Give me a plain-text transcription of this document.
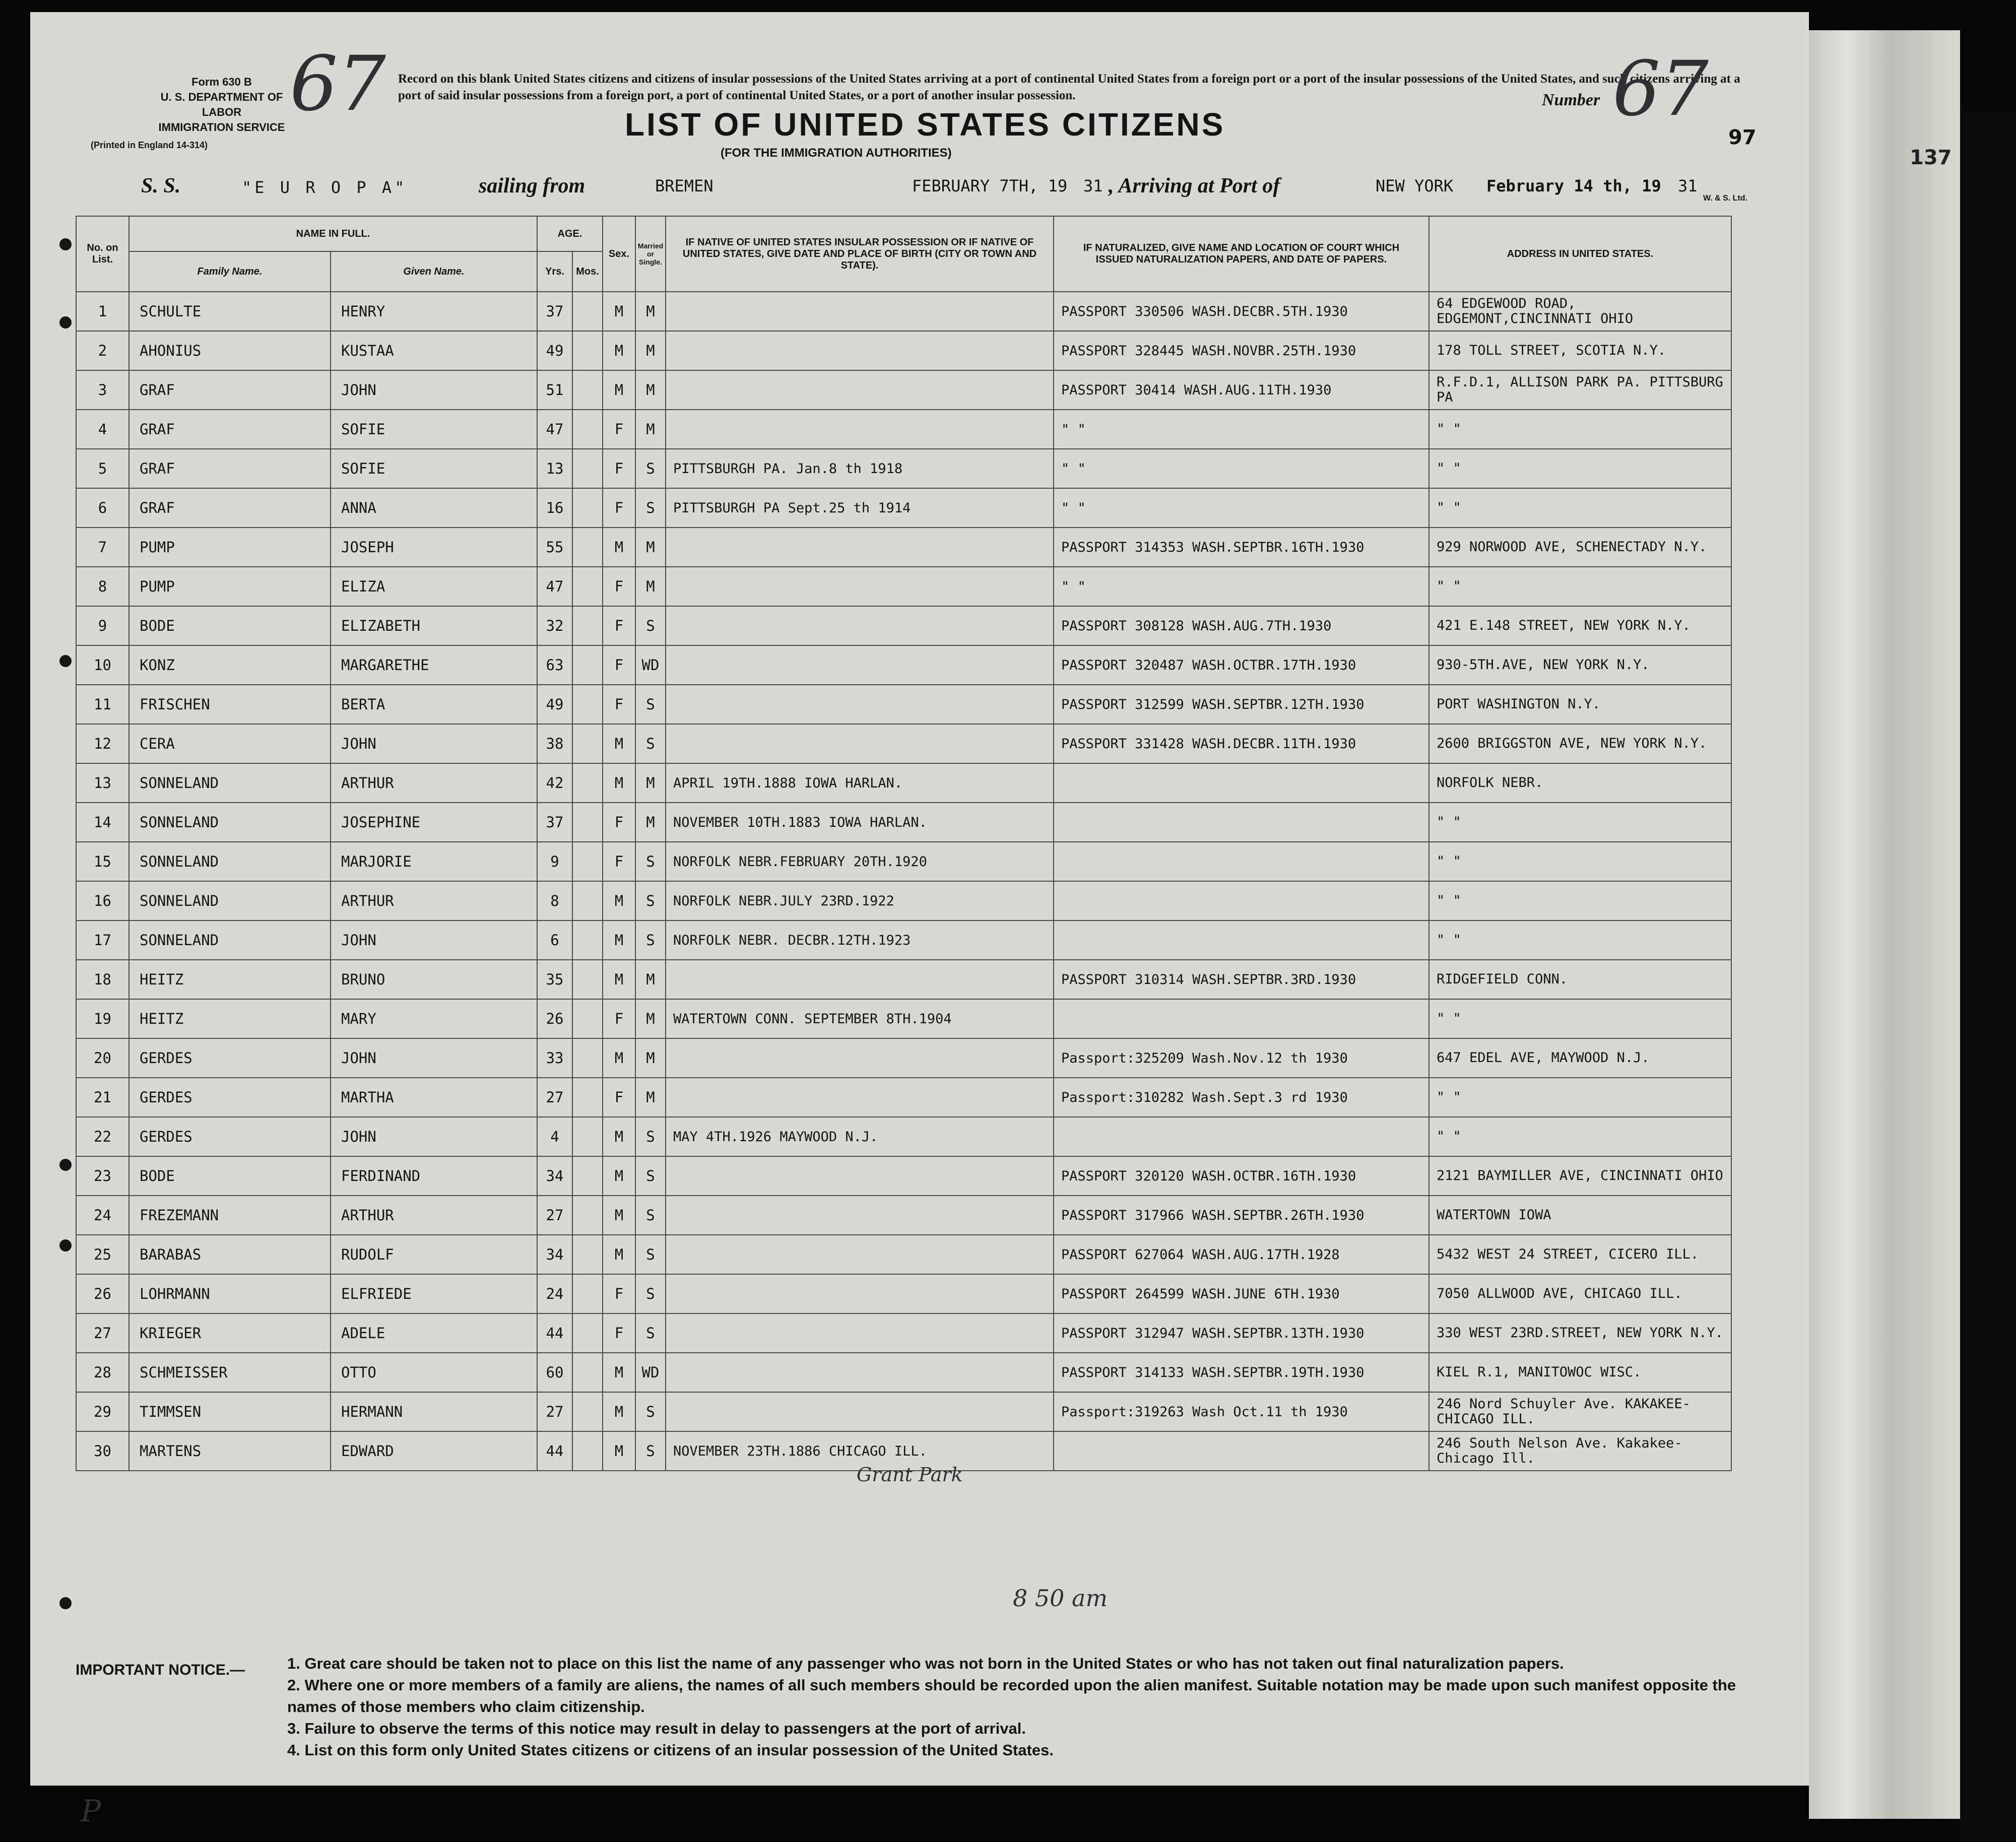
Form 630 B
U. S. DEPARTMENT OF LABOR
IMMIGRATION SERVICE
(Printed in England 14-314)
67 Record on this blank United States citizens and citizens of insular possessions of the United States arriving at a port of continental United States from a foreign port or a port of the insular possessions of the United States, and such citizens arriving at a port of said insular possessions from a foreign port, a port of continental United States, or a port of another insular possession.
LIST OF UNITED STATES CITIZENS
(FOR THE IMMIGRATION AUTHORITIES)
Number 67
97
137
S. S.	"E U R O P A"	sailing from	BREMEN	FEBRUARY 7TH, 19 31 , Arriving at Port of	NEW YORK February 14 th, 19 31
W. & S. Ltd.
No. on List.	NAME IN FULL.		AGE.		Sex.	Married or Single.	IF NATIVE OF UNITED STATES INSULAR POSSESSION OR IF NATIVE OF UNITED STATES, GIVE DATE AND PLACE OF BIRTH (CITY OR TOWN AND STATE).	IF NATURALIZED, GIVE NAME AND LOCATION OF COURT WHICH ISSUED NATURALIZATION PAPERS, AND DATE OF PAPERS.	ADDRESS IN UNITED STATES.
	Family Name.	Given Name.	Yrs.	Mos.					
1	SCHULTE	HENRY	37		M	M		PASSPORT 330506 WASH.DECBR.5TH.1930	64 EDGEWOOD ROAD, EDGEMONT,CINCINNATI OHIO
2	AHONIUS	KUSTAA	49		M	M		PASSPORT 328445 WASH.NOVBR.25TH.1930	178 TOLL STREET, SCOTIA N.Y.
3	GRAF	JOHN	51		M	M		PASSPORT 30414 WASH.AUG.11TH.1930	R.F.D.1, ALLISON PARK PA. PITTSBURG PA
4	GRAF	SOFIE	47		F	M		" "	" "
5	GRAF	SOFIE	13		F	S	PITTSBURGH PA. Jan.8 th 1918	" "	" "
6	GRAF	ANNA	16		F	S	PITTSBURGH PA Sept.25 th 1914	" "	" "
7	PUMP	JOSEPH	55		M	M		PASSPORT 314353 WASH.SEPTBR.16TH.1930	929 NORWOOD AVE, SCHENECTADY N.Y.
8	PUMP	ELIZA	47		F	M		" "	" "
9	BODE	ELIZABETH	32		F	S		PASSPORT 308128 WASH.AUG.7TH.1930	421 E.148 STREET, NEW YORK N.Y.
10	KONZ	MARGARETHE	63		F	WD		PASSPORT 320487 WASH.OCTBR.17TH.1930	930-5TH.AVE, NEW YORK N.Y.
11	FRISCHEN	BERTA	49		F	S		PASSPORT 312599 WASH.SEPTBR.12TH.1930	PORT WASHINGTON N.Y.
12	CERA	JOHN	38		M	S		PASSPORT 331428 WASH.DECBR.11TH.1930	2600 BRIGGSTON AVE, NEW YORK N.Y.
13	SONNELAND	ARTHUR	42		M	M	APRIL 19TH.1888 IOWA HARLAN.		NORFOLK NEBR.
14	SONNELAND	JOSEPHINE	37		F	M	NOVEMBER 10TH.1883 IOWA HARLAN.		" "
15	SONNELAND	MARJORIE	9		F	S	NORFOLK NEBR.FEBRUARY 20TH.1920		" "
16	SONNELAND	ARTHUR	8		M	S	NORFOLK NEBR.JULY 23RD.1922		" "
17	SONNELAND	JOHN	6		M	S	NORFOLK NEBR. DECBR.12TH.1923		" "
18	HEITZ	BRUNO	35		M	M		PASSPORT 310314 WASH.SEPTBR.3RD.1930	RIDGEFIELD CONN.
19	HEITZ	MARY	26		F	M	WATERTOWN CONN. SEPTEMBER 8TH.1904		" "
20	GERDES	JOHN	33		M	M		Passport:325209 Wash.Nov.12 th 1930	647 EDEL AVE, MAYWOOD N.J.
21	GERDES	MARTHA	27		F	M		Passport:310282 Wash.Sept.3 rd 1930	" "
22	GERDES	JOHN	4		M	S	MAY 4TH.1926 MAYWOOD N.J.		" "
23	BODE	FERDINAND	34		M	S		PASSPORT 320120 WASH.OCTBR.16TH.1930	2121 BAYMILLER AVE, CINCINNATI OHIO
24	FREZEMANN	ARTHUR	27		M	S		PASSPORT 317966 WASH.SEPTBR.26TH.1930	WATERTOWN IOWA
25	BARABAS	RUDOLF	34		M	S		PASSPORT 627064 WASH.AUG.17TH.1928	5432 WEST 24 STREET, CICERO ILL.
26	LOHRMANN	ELFRIEDE	24		F	S		PASSPORT 264599 WASH.JUNE 6TH.1930	7050 ALLWOOD AVE, CHICAGO ILL.
27	KRIEGER	ADELE	44		F	S		PASSPORT 312947 WASH.SEPTBR.13TH.1930	330 WEST 23RD.STREET, NEW YORK N.Y.
28	SCHMEISSER	OTTO	60		M	WD		PASSPORT 314133 WASH.SEPTBR.19TH.1930	KIEL R.1, MANITOWOC WISC.
29	TIMMSEN	HERMANN	27		M	S		Passport:319263 Wash Oct.11 th 1930	246 Nord Schuyler Ave. KAKAKEE-CHICAGO ILL.
30	MARTENS	EDWARD	44		M	S	NOVEMBER 23TH.1886 CHICAGO ILL.		246 South Nelson Ave. Kakakee-Chicago Ill.
Grant Park
8 50 am
P
IMPORTANT NOTICE.—	1. Great care should be taken not to place on this list the name of any passenger who was not born in the United States or who has not taken out final naturalization papers.
2. Where one or more members of a family are aliens, the names of all such members should be recorded upon the alien manifest. Suitable notation may be made upon such manifest opposite the names of those members who claim citizenship.
3. Failure to observe the terms of this notice may result in delay to passengers at the port of arrival.
4. List on this form only United States citizens or citizens of an insular possession of the United States.
